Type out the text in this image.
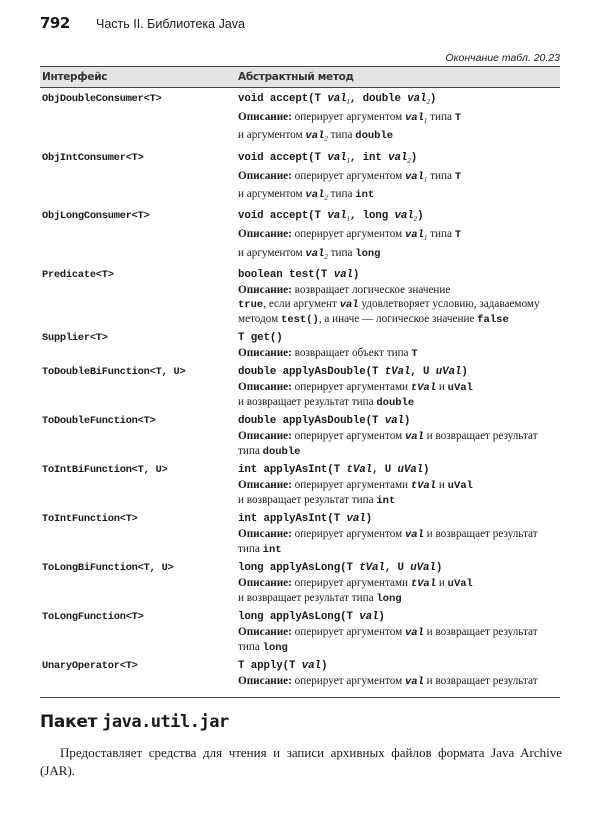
792	Часть II. Библиотека Java
Окончание табл. 20.23
Интерфейс	Абстрактный метод
ObjDoubleConsumer<T>	void accept(T val$_1$, double val$_2$)
Описание: оперирует аргументом val$_1$ типа T
и аргументом val$_2$ типа double
ObjIntConsumer<T>	void accept(T val$_1$, int val$_2$)
Описание: оперирует аргументом val$_1$ типа T
и аргументом val$_2$ типа int
ObjLongConsumer<T>	void accept(T val$_1$, long val$_2$)
Описание: оперирует аргументом val$_1$ типа T
и аргументом val$_2$ типа long
Predicate<T>	boolean test(T val)
Описание: возвращает логическое значение
true, если аргумент val удовлетворяет условию, задаваемому методом test(), а иначе — логическое значение false
Supplier<T>	T get()
Описание: возвращает объект типа T
ToDoubleBiFunction<T, U>	double applyAsDouble(T tVal, U uVal)
Описание: оперирует аргументами tVal и uVal
и возвращает результат типа double
ToDoubleFunction<T>	double applyAsDouble(T val)
Описание: оперирует аргументом val и возвращает результат типа double
ToIntBiFunction<T, U>	int applyAsInt(T tVal, U uVal)
Описание: оперирует аргументами tVal и uVal
и возвращает результат типа int
ToIntFunction<T>	int applyAsInt(T val)
Описание: оперирует аргументом val и возвращает результат типа int
ToLongBiFunction<T, U>	long applyAsLong(T tVal, U uVal)
Описание: оперирует аргументами tVal и uVal
и возвращает результат типа long
ToLongFunction<T>	long applyAsLong(T val)
Описание: оперирует аргументом val и возвращает результат типа long
UnaryOperator<T>	T apply(T val)
Описание: оперирует аргументом val и возвращает результат
Пакет java.util.jar
Предоставляет средства для чтения и записи архивных файлов формата Java Archive (JAR).
